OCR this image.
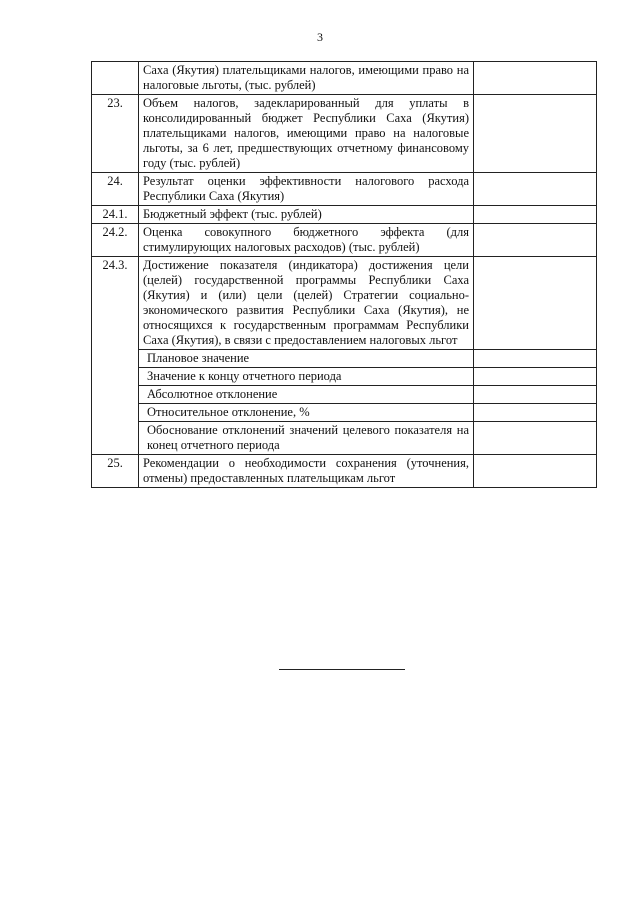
3
	Саха (Якутия) плательщиками налогов, имеющими право на налоговые льготы, (тыс. рублей)	
23.	Объем налогов, задекларированный для уплаты в консолидированный бюджет Республики Саха (Якутия) плательщиками налогов, имеющими право на налоговые льготы, за 6 лет, предшествующих отчетному финансовому году (тыс. рублей)	
24.	Результат оценки эффективности налогового расхода Республики Саха (Якутия)	
24.1.	Бюджетный эффект (тыс. рублей)	
24.2.	Оценка совокупного бюджетного эффекта (для стимулирующих налоговых расходов) (тыс. рублей)	
24.3.	Достижение показателя (индикатора) достижения цели (целей) государственной программы Республики Саха (Якутия) и (или) цели (целей) Стратегии социально-экономического развития Республики Саха (Якутия), не относящихся к государственным программам Республики Саха (Якутия), в связи с предоставлением налоговых льгот	
	Плановое значение	
	Значение к концу отчетного периода	
	Абсолютное отклонение	
	Относительное отклонение, %	
	Обоснование отклонений значений целевого показателя на конец отчетного периода	
25.	Рекомендации о необходимости сохранения (уточнения, отмены) предоставленных плательщикам льгот	
